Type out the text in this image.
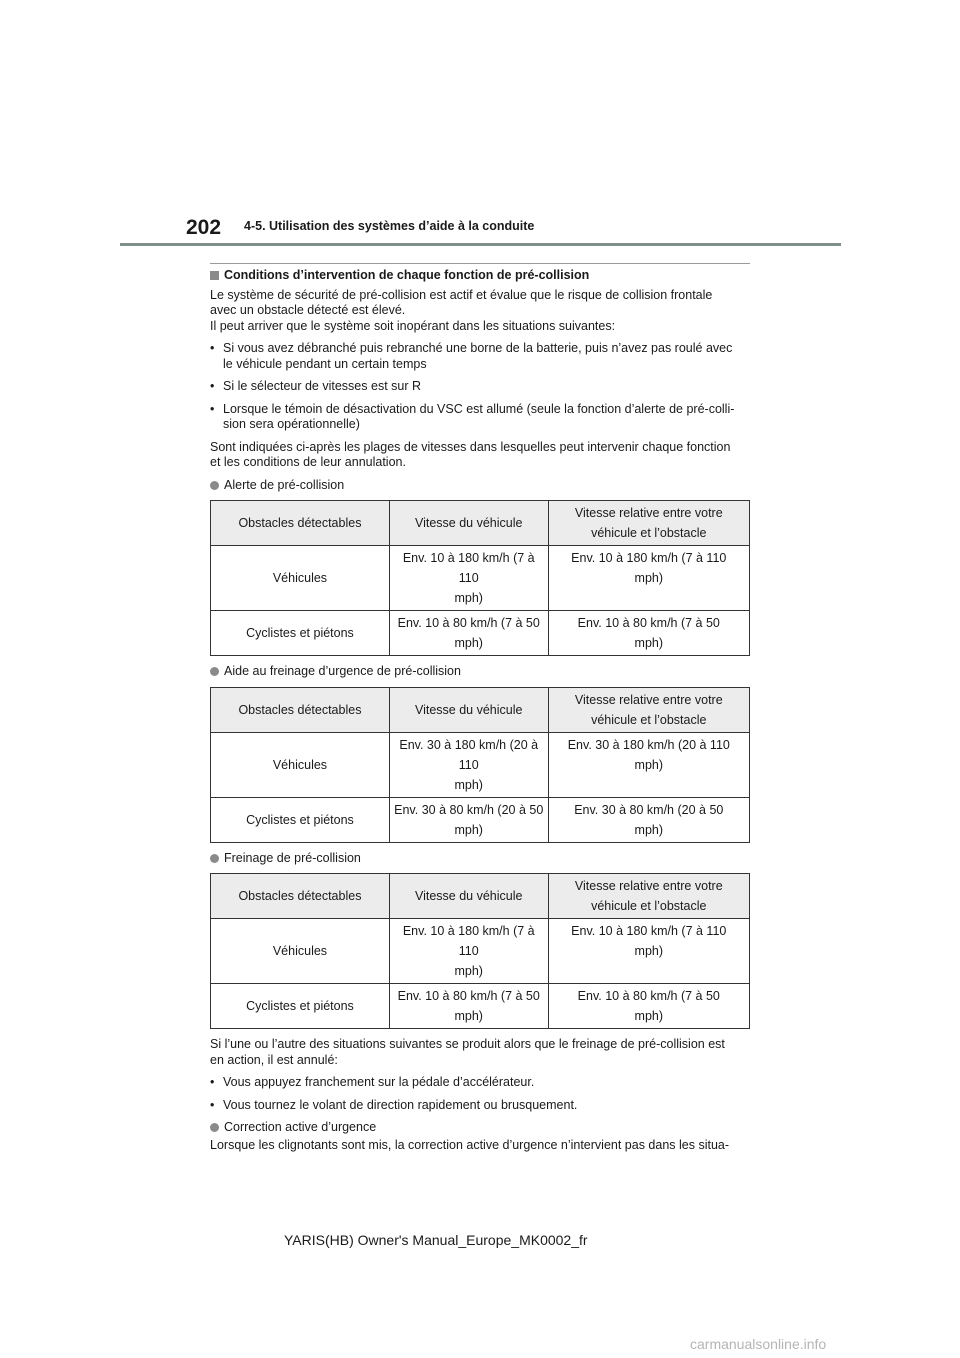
202 4-5. Utilisation des systèmes d’aide à la conduite

Conditions d’intervention de chaque fonction de pré-collision

Le système de sécurité de pré-collision est actif et évalue que le risque de collision frontale
avec un obstacle détecté est élevé.
Il peut arriver que le système soit inopérant dans les situations suivantes:

• Si vous avez débranché puis rebranché une borne de la batterie, puis n’avez pas roulé avec
le véhicule pendant un certain temps

• Si le sélecteur de vitesses est sur R

• Lorsque le témoin de désactivation du VSC est allumé (seule la fonction d’alerte de pré-colli-
sion sera opérationnelle)

Sont indiquées ci-après les plages de vitesses dans lesquelles peut intervenir chaque fonction
et les conditions de leur annulation.

Alerte de pré-collision

Obstacles détectables	Vitesse du véhicule	Vitesse relative entre votre
véhicule et l’obstacle
Véhicules	Env. 10 à 180 km/h (7 à 110
mph)	Env. 10 à 180 km/h (7 à 110
mph)
Cyclistes et piétons	Env. 10 à 80 km/h (7 à 50
mph)	Env. 10 à 80 km/h (7 à 50
mph)

Aide au freinage d’urgence de pré-collision

Obstacles détectables	Vitesse du véhicule	Vitesse relative entre votre
véhicule et l’obstacle
Véhicules	Env. 30 à 180 km/h (20 à 110
mph)	Env. 30 à 180 km/h (20 à 110
mph)
Cyclistes et piétons	Env. 30 à 80 km/h (20 à 50
mph)	Env. 30 à 80 km/h (20 à 50
mph)

Freinage de pré-collision

Obstacles détectables	Vitesse du véhicule	Vitesse relative entre votre
véhicule et l’obstacle
Véhicules	Env. 10 à 180 km/h (7 à 110
mph)	Env. 10 à 180 km/h (7 à 110
mph)
Cyclistes et piétons	Env. 10 à 80 km/h (7 à 50
mph)	Env. 10 à 80 km/h (7 à 50
mph)

Si l’une ou l’autre des situations suivantes se produit alors que le freinage de pré-collision est
en action, il est annulé:

• Vous appuyez franchement sur la pédale d’accélérateur.

• Vous tournez le volant de direction rapidement ou brusquement.

Correction active d’urgence

Lorsque les clignotants sont mis, la correction active d’urgence n’intervient pas dans les situa-

YARIS(HB) Owner's Manual_Europe_MK0002_fr
carmanualsonline.info
